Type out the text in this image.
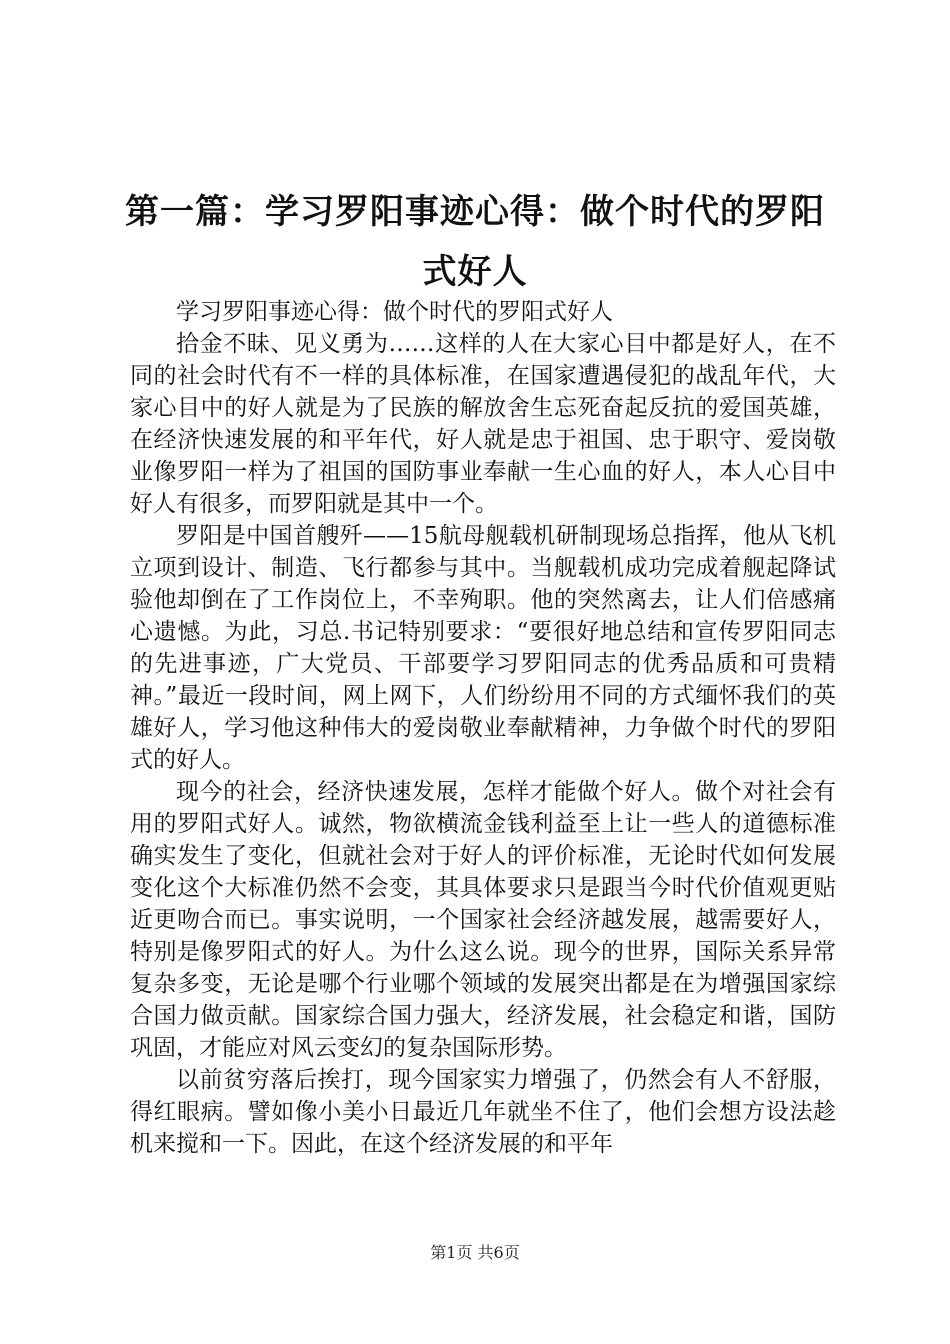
第一篇：学习罗阳事迹心得：做个时代的罗阳式好人

学习罗阳事迹心得：做个时代的罗阳式好人

拾金不昧、见义勇为……这样的人在大家心目中都是好人，在不同的社会时代有不一样的具体标准，在国家遭遇侵犯的战乱年代，大家心目中的好人就是为了民族的解放舍生忘死奋起反抗的爱国英雄，在经济快速发展的和平年代，好人就是忠于祖国、忠于职守、爱岗敬业像罗阳一样为了祖国的国防事业奉献一生心血的好人，本人心目中好人有很多，而罗阳就是其中一个。

罗阳是中国首艘歼——15航母舰载机研制现场总指挥，他从飞机立项到设计、制造、飞行都参与其中。当舰载机成功完成着舰起降试验他却倒在了工作岗位上，不幸殉职。他的突然离去，让人们倍感痛心遗憾。为此，习总.书记特别要求：“要很好地总结和宣传罗阳同志的先进事迹，广大党员、干部要学习罗阳同志的优秀品质和可贵精神。”最近一段时间，网上网下，人们纷纷用不同的方式缅怀我们的英雄好人，学习他这种伟大的爱岗敬业奉献精神，力争做个时代的罗阳式的好人。

现今的社会，经济快速发展，怎样才能做个好人。做个对社会有用的罗阳式好人。诚然，物欲横流金钱利益至上让一些人的道德标准确实发生了变化，但就社会对于好人的评价标准，无论时代如何发展变化这个大标准仍然不会变，其具体要求只是跟当今时代价值观更贴近更吻合而已。事实说明，一个国家社会经济越发展，越需要好人，特别是像罗阳式的好人。为什么这么说。现今的世界，国际关系异常复杂多变，无论是哪个行业哪个领域的发展突出都是在为增强国家综合国力做贡献。国家综合国力强大，经济发展，社会稳定和谐，国防巩固，才能应对风云变幻的复杂国际形势。

以前贫穷落后挨打，现今国家实力增强了，仍然会有人不舒服，得红眼病。譬如像小美小日最近几年就坐不住了，他们会想方设法趁机来搅和一下。因此，在这个经济发展的和平年

第1页 共6页
